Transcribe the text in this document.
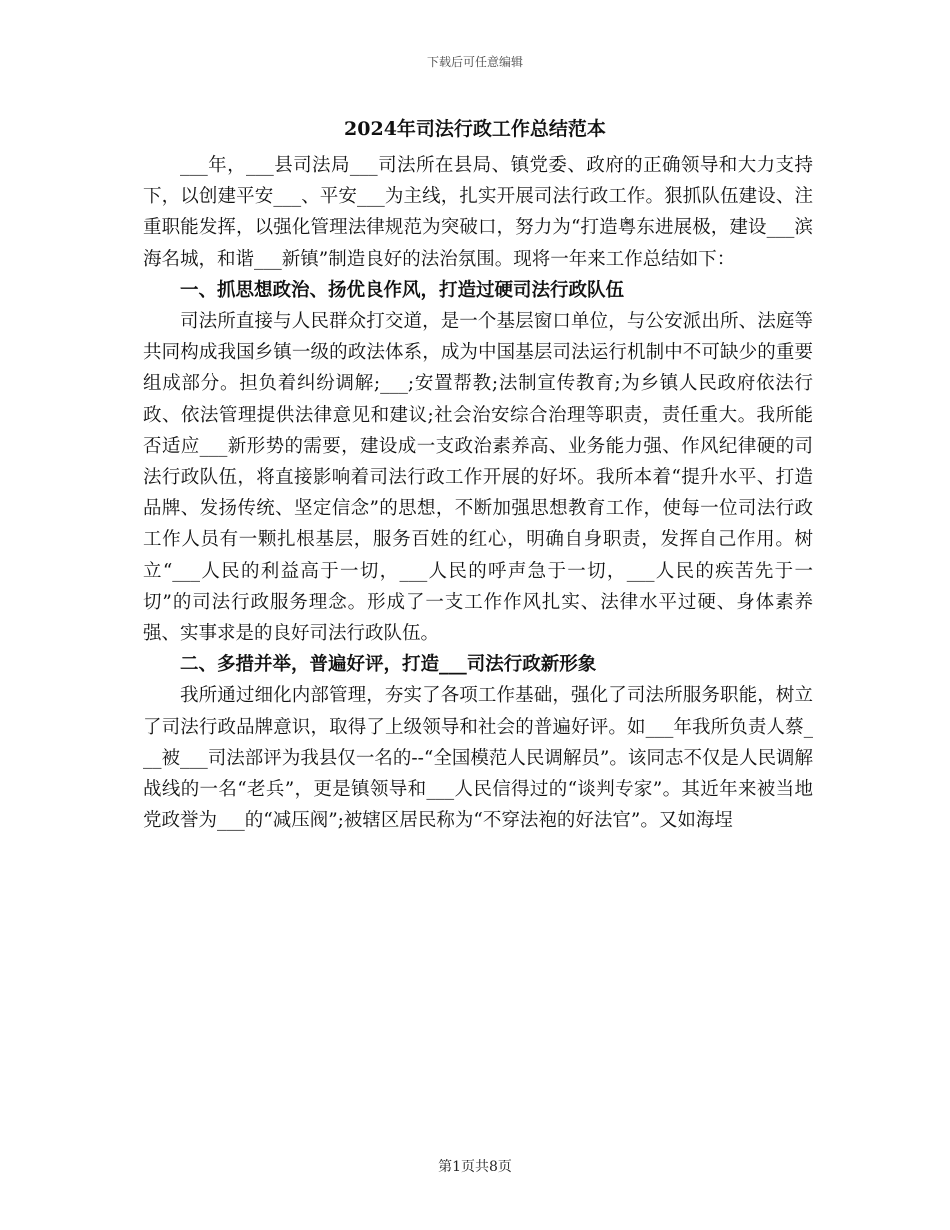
下载后可任意编辑
2024年司法行政工作总结范本

___年，___县司法局___司法所在县局、镇党委、政府的正确领导和大力支持下，以创建平安___、平安___为主线，扎实开展司法行政工作。狠抓队伍建设、注重职能发挥，以强化管理法律规范为突破口，努力为“打造粤东进展极，建设___滨海名城，和谐___新镇”制造良好的法治氛围。现将一年来工作总结如下：

一、抓思想政治、扬优良作风，打造过硬司法行政队伍

司法所直接与人民群众打交道，是一个基层窗口单位，与公安派出所、法庭等共同构成我国乡镇一级的政法体系，成为中国基层司法运行机制中不可缺少的重要组成部分。担负着纠纷调解;___;安置帮教;法制宣传教育;为乡镇人民政府依法行政、依法管理提供法律意见和建议;社会治安综合治理等职责，责任重大。我所能否适应___新形势的需要，建设成一支政治素养高、业务能力强、作风纪律硬的司法行政队伍，将直接影响着司法行政工作开展的好坏。我所本着“提升水平、打造品牌、发扬传统、坚定信念”的思想，不断加强思想教育工作，使每一位司法行政工作人员有一颗扎根基层，服务百姓的红心，明确自身职责，发挥自己作用。树立“___人民的利益高于一切，___人民的呼声急于一切，___人民的疾苦先于一切”的司法行政服务理念。形成了一支工作作风扎实、法律水平过硬、身体素养强、实事求是的良好司法行政队伍。

二、多措并举，普遍好评，打造___司法行政新形象

我所通过细化内部管理，夯实了各项工作基础，强化了司法所服务职能，树立了司法行政品牌意识，取得了上级领导和社会的普遍好评。如___年我所负责人蔡___被___司法部评为我县仅一名的--“全国模范人民调解员”。该同志不仅是人民调解战线的一名“老兵”，更是镇领导和___人民信得过的“谈判专家”。其近年来被当地党政誉为___的“减压阀”;被辖区居民称为“不穿法袍的好法官”。又如海埕

第1页共8页
